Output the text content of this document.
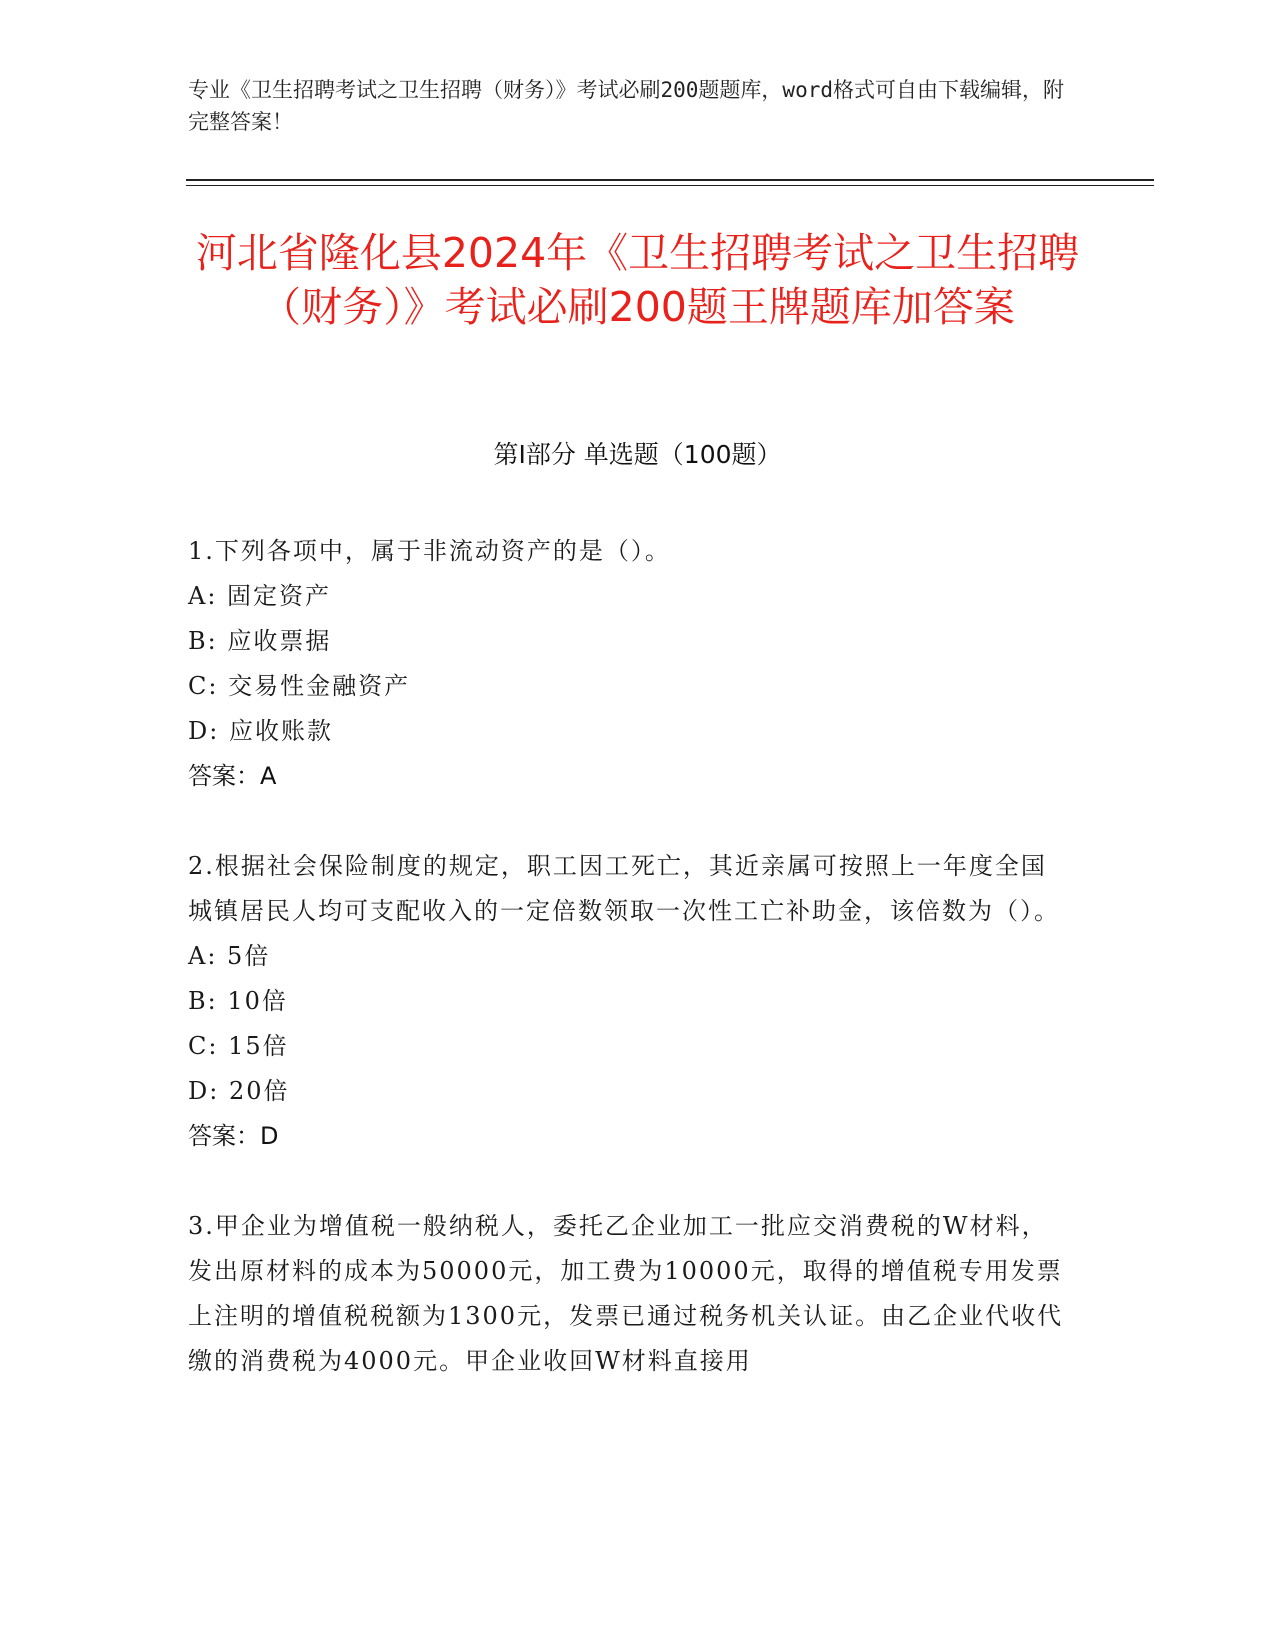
专业《卫生招聘考试之卫生招聘（财务）》考试必刷200题题库，word格式可自由下载编辑，附完整答案！
河北省隆化县2024年《卫生招聘考试之卫生招聘（财务）》考试必刷200题王牌题库加答案
第I部分 单选题（100题）
1.下列各项中，属于非流动资产的是（）。
A: 固定资产
B: 应收票据
C: 交易性金融资产
D: 应收账款
答案：A
2.根据社会保险制度的规定，职工因工死亡，其近亲属可按照上一年度全国城镇居民人均可支配收入的一定倍数领取一次性工亡补助金，该倍数为（）。
A: 5倍
B: 10倍
C: 15倍
D: 20倍
答案：D
3.甲企业为增值税一般纳税人，委托乙企业加工一批应交消费税的W材料，发出原材料的成本为50000元，加工费为10000元，取得的增值税专用发票上注明的增值税税额为1300元，发票已通过税务机关认证。由乙企业代收代缴的消费税为4000元。甲企业收回W材料直接用
